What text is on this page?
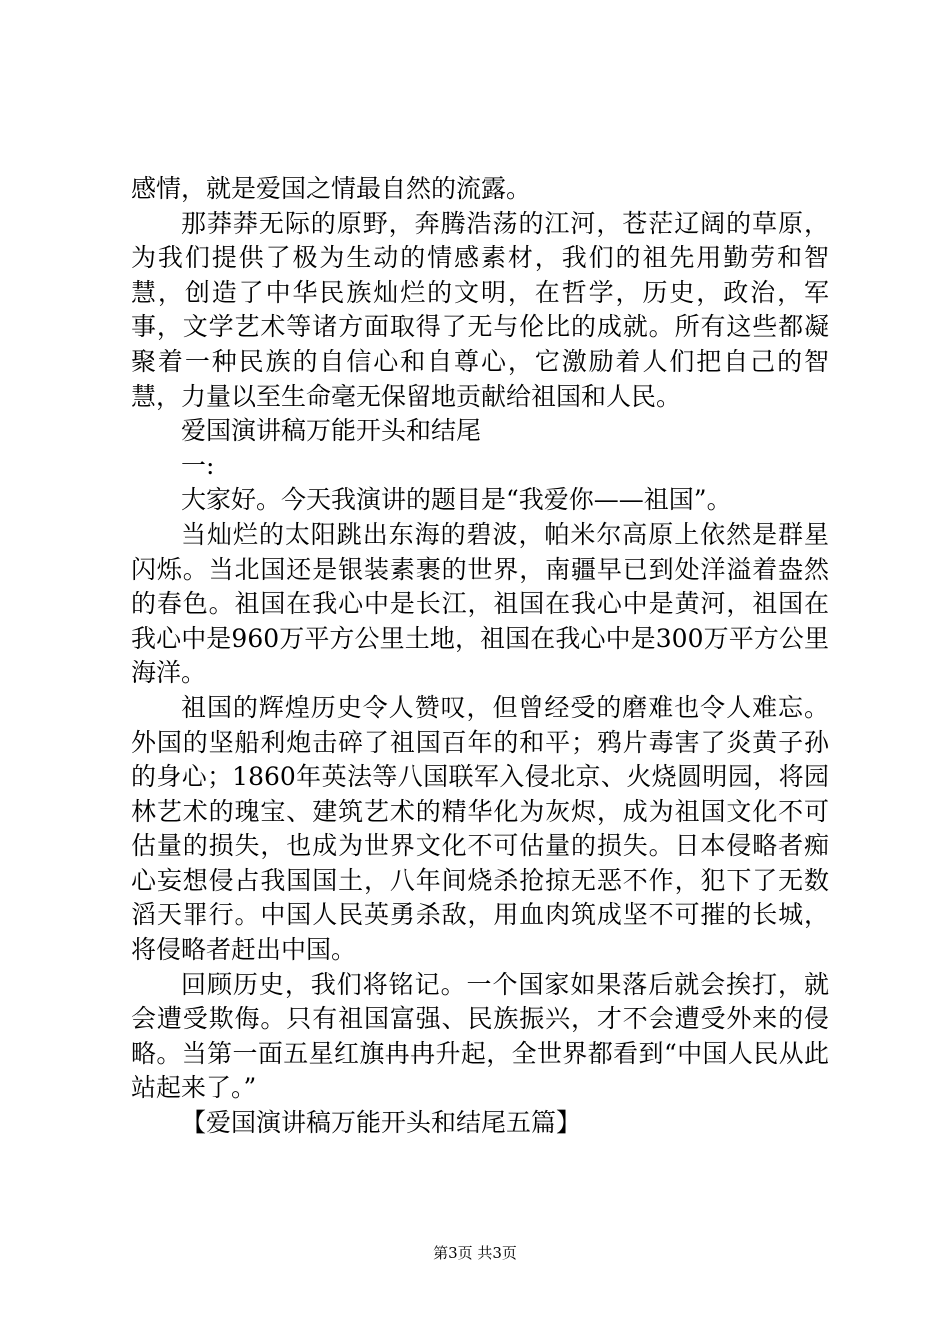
感情，就是爱国之情最自然的流露。

那莽莽无际的原野，奔腾浩荡的江河，苍茫辽阔的草原，为我们提供了极为生动的情感素材，我们的祖先用勤劳和智慧，创造了中华民族灿烂的文明，在哲学，历史，政治，军事，文学艺术等诸方面取得了无与伦比的成就。所有这些都凝聚着一种民族的自信心和自尊心，它激励着人们把自己的智慧，力量以至生命毫无保留地贡献给祖国和人民。

爱国演讲稿万能开头和结尾

一:

大家好。今天我演讲的题目是“我爱你——祖国”。

当灿烂的太阳跳出东海的碧波，帕米尔高原上依然是群星闪烁。当北国还是银装素裹的世界，南疆早已到处洋溢着盎然的春色。祖国在我心中是长江，祖国在我心中是黄河，祖国在我心中是960万平方公里土地，祖国在我心中是300万平方公里海洋。

祖国的辉煌历史令人赞叹，但曾经受的磨难也令人难忘。外国的坚船利炮击碎了祖国百年的和平；鸦片毒害了炎黄子孙的身心；1860年英法等八国联军入侵北京、火烧圆明园，将园林艺术的瑰宝、建筑艺术的精华化为灰烬，成为祖国文化不可估量的损失，也成为世界文化不可估量的损失。日本侵略者痴心妄想侵占我国国土，八年间烧杀抢掠无恶不作，犯下了无数滔天罪行。中国人民英勇杀敌，用血肉筑成坚不可摧的长城，将侵略者赶出中国。

回顾历史，我们将铭记。一个国家如果落后就会挨打，就会遭受欺侮。只有祖国富强、民族振兴，才不会遭受外来的侵略。当第一面五星红旗冉冉升起，全世界都看到“中国人民从此站起来了。”

【爱国演讲稿万能开头和结尾五篇】

第3页 共3页
